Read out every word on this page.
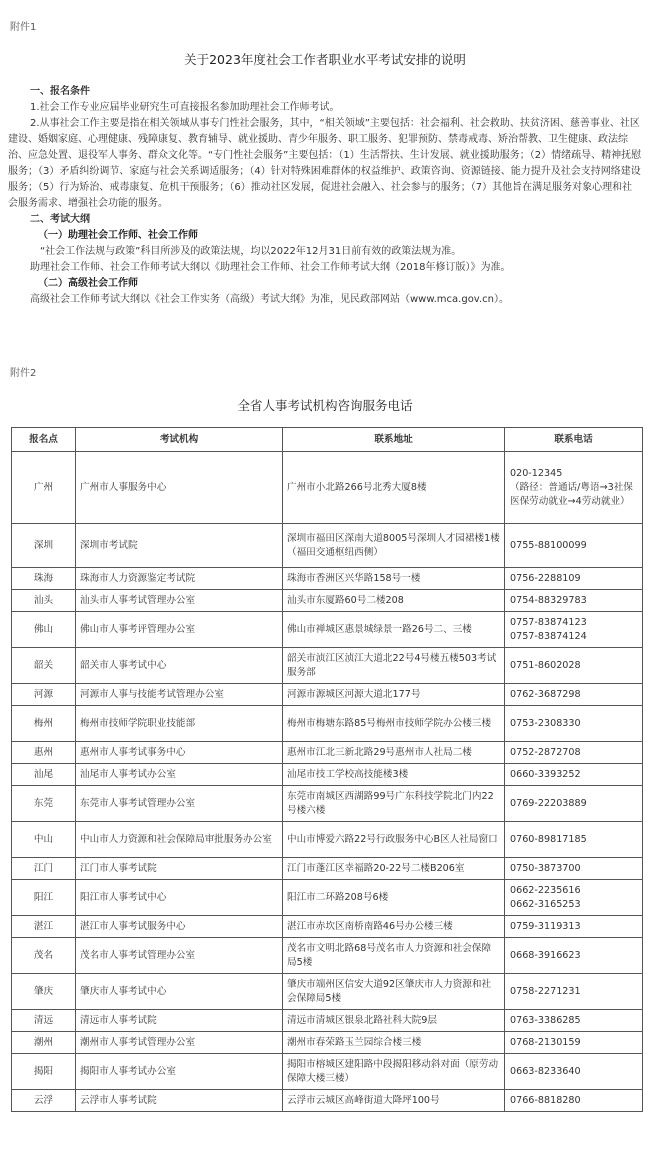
附件1
关于2023年度社会工作者职业水平考试安排的说明

一、报名条件

1.社会工作专业应届毕业研究生可直接报名参加助理社会工作师考试。

2.从事社会工作主要是指在相关领域从事专门性社会服务，其中，“相关领域”主要包括：社会福利、社会救助、扶贫济困、慈善事业、社区建设、婚姻家庭、心理健康、残障康复、教育辅导、就业援助、青少年服务、职工服务、犯罪预防、禁毒戒毒、矫治帮教、卫生健康、政法综治、应急处置、退役军人事务、群众文化等。“专门性社会服务”主要包括：（1）生活帮扶、生计发展、就业援助服务；（2）情绪疏导、精神抚慰服务；（3）矛盾纠纷调节、家庭与社会关系调适服务；（4）针对特殊困难群体的权益维护、政策咨询、资源链接、能力提升及社会支持网络建设服务；（5）行为矫治、戒毒康复、危机干预服务；（6）推动社区发展，促进社会融入、社会参与的服务；（7）其他旨在满足服务对象心理和社会服务需求、增强社会功能的服务。

二、考试大纲

（一）助理社会工作师、社会工作师

“社会工作法规与政策”科目所涉及的政策法规，均以2022年12月31日前有效的政策法规为准。

助理社会工作师、社会工作师考试大纲以《助理社会工作师、社会工作师考试大纲（2018年修订版）》为准。

（二）高级社会工作师

高级社会工作师考试大纲以《社会工作实务（高级）考试大纲》为准，见民政部网站（www.mca.gov.cn）。

附件2
全省人事考试机构咨询服务电话
报名点	考试机构	联系地址	联系电话
广州	广州市人事服务中心	广州市小北路266号北秀大厦8楼	020-12345
（路径：普通话/粤语→3社保医保劳动就业→4劳动就业）
深圳	深圳市考试院	深圳市福田区深南大道8005号深圳人才园裙楼1楼（福田交通枢纽西侧）	0755-88100099
珠海	珠海市人力资源鉴定考试院	珠海市香洲区兴华路158号一楼	0756-2288109
汕头	汕头市人事考试管理办公室	汕头市东厦路60号二楼208	0754-88329783
佛山	佛山市人事考评管理办公室	佛山市禅城区惠景城绿景一路26号二、三楼	0757-83874123
0757-83874124
韶关	韶关市人事考试中心	韶关市浈江区浈江大道北22号4号楼五楼503考试服务部	0751-8602028
河源	河源市人事与技能考试管理办公室	河源市源城区河源大道北177号	0762-3687298
梅州	梅州市技师学院职业技能部	梅州市梅塘东路85号梅州市技师学院办公楼三楼	0753-2308330
惠州	惠州市人事考试事务中心	惠州市江北三新北路29号惠州市人社局二楼	0752-2872708
汕尾	汕尾市人事考试办公室	汕尾市技工学校高技能楼3楼	0660-3393252
东莞	东莞市人事考试管理办公室	东莞市南城区西湖路99号广东科技学院北门内22号楼六楼	0769-22203889
中山	中山市人力资源和社会保障局审批服务办公室	中山市博爱六路22号行政服务中心B区人社局窗口	0760-89817185
江门	江门市人事考试院	江门市蓬江区幸福路20-22号二楼B206室	0750-3873700
阳江	阳江市人事考试中心	阳江市二环路208号6楼	0662-2235616
0662-3165253
湛江	湛江市人事考试服务中心	湛江市赤坎区南桥南路46号办公楼三楼	0759-3119313
茂名	茂名市人事考试管理办公室	茂名市文明北路68号茂名市人力资源和社会保障局5楼	0668-3916623
肇庆	肇庆市人事考试中心	肇庆市端州区信安大道92区肇庆市人力资源和社会保障局5楼	0758-2271231
清远	清远市人事考试院	清远市清城区银泉北路社科大院9层	0763-3386285
潮州	潮州市人事考试管理办公室	潮州市春荣路玉兰园综合楼三楼	0768-2130159
揭阳	揭阳市人事考试办公室	揭阳市榕城区建阳路中段揭阳移动斜对面（原劳动保障大楼三楼）	0663-8233640
云浮	云浮市人事考试院	云浮市云城区高峰街道大降坪100号	0766-8818280
